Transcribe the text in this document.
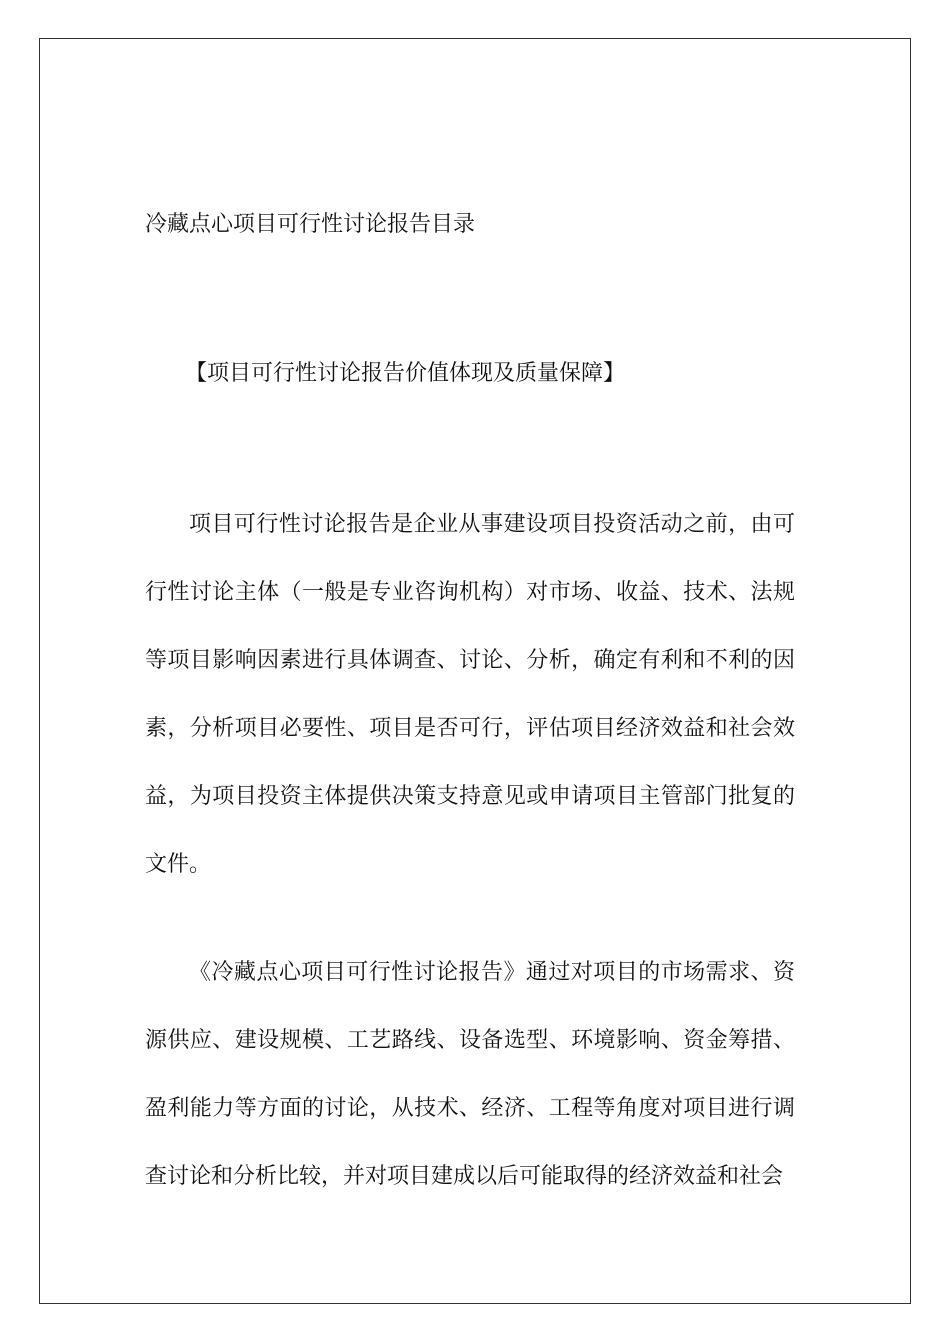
冷藏点心项目可行性讨论报告目录
【项目可行性讨论报告价值体现及质量保障】

项目可行性讨论报告是企业从事建设项目投资活动之前，由可行性讨论主体（一般是专业咨询机构）对市场、收益、技术、法规等项目影响因素进行具体调查、讨论、分析，确定有利和不利的因素，分析项目必要性、项目是否可行，评估项目经济效益和社会效益，为项目投资主体提供决策支持意见或申请项目主管部门批复的文件。

《冷藏点心项目可行性讨论报告》通过对项目的市场需求、资源供应、建设规模、工艺路线、设备选型、环境影响、资金筹措、盈利能力等方面的讨论，从技术、经济、工程等角度对项目进行调查讨论和分析比较，并对项目建成以后可能取得的经济效益和社会
